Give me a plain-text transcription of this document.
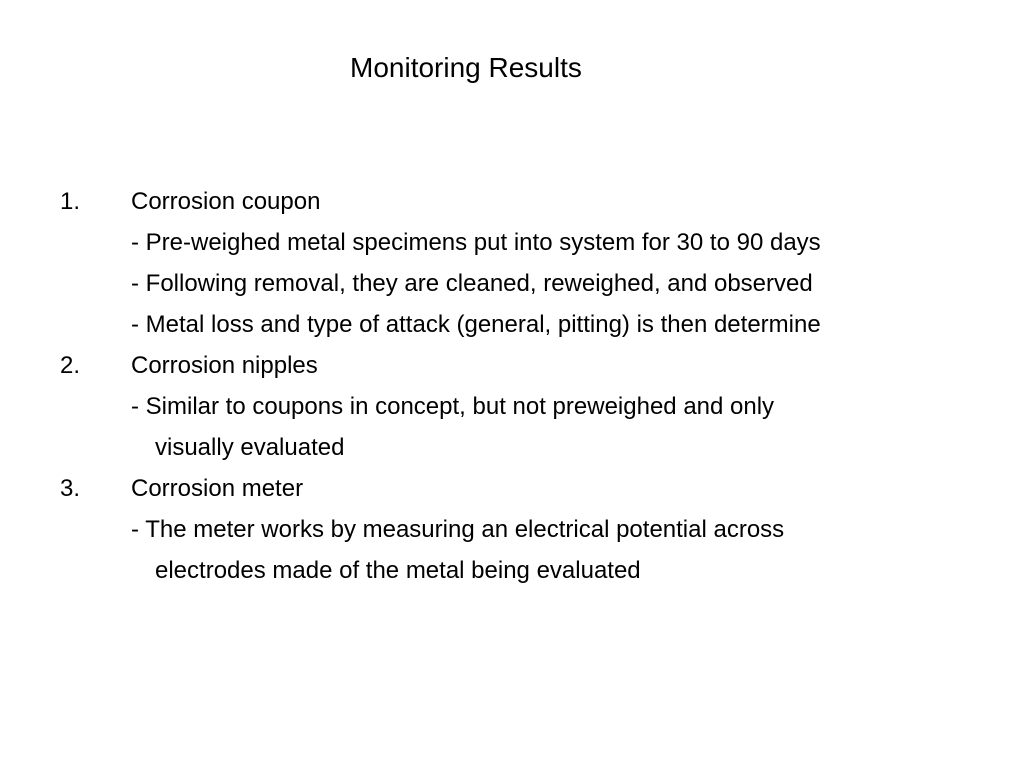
Monitoring Results
1. Corrosion coupon
- Pre-weighed metal specimens put into system for 30 to 90 days
- Following removal, they are cleaned, reweighed, and observed
- Metal loss and type of attack (general, pitting) is then determine
2. Corrosion nipples
- Similar to coupons in concept, but not preweighed and only
visually evaluated
3. Corrosion meter
- The meter works by measuring an electrical potential across
electrodes made of the metal being evaluated
